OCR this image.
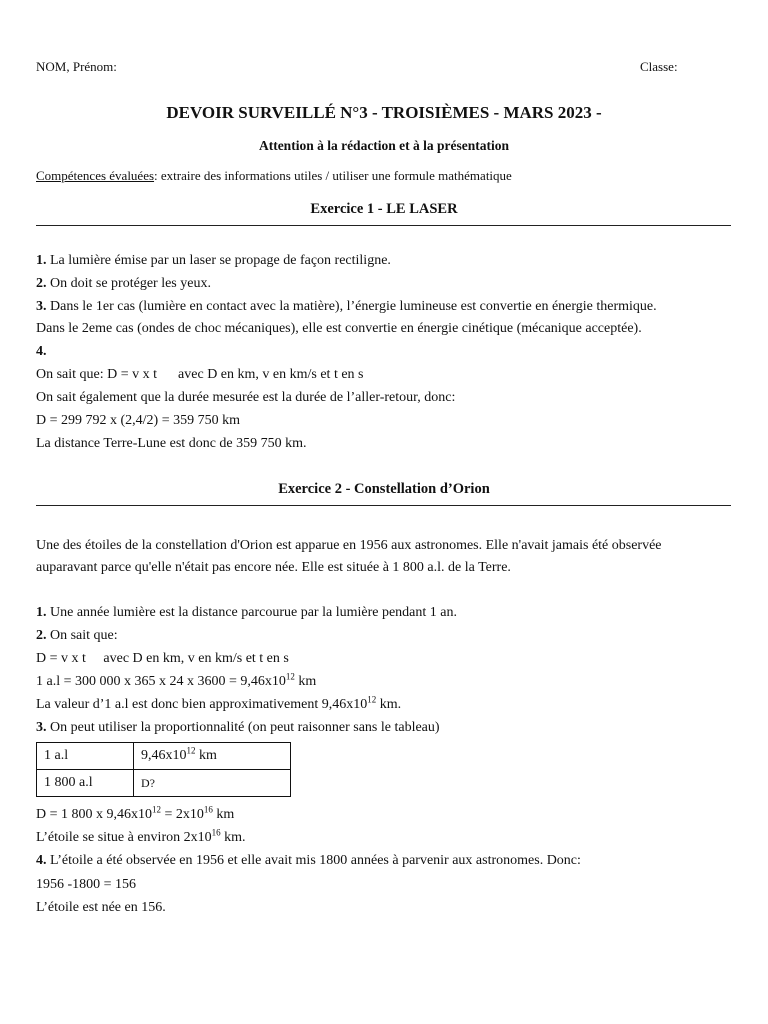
NOM, Prénom:	Classe:
DEVOIR SURVEILLÉ N°3 - TROISIÈMES - MARS 2023 -
Attention à la rédaction et à la présentation
Compétences évaluées: extraire des informations utiles / utiliser une formule mathématique
Exercice 1 - LE LASER
1. La lumière émise par un laser se propage de façon rectiligne.
2. On doit se protéger les yeux.
3. Dans le 1er cas (lumière en contact avec la matière), l’énergie lumineuse est convertie en énergie thermique.
Dans le 2eme cas (ondes de choc mécaniques), elle est convertie en énergie cinétique (mécanique acceptée).
4.
On sait que: D = v x t      avec D en km, v en km/s et t en s
On sait également que la durée mesurée est la durée de l’aller-retour, donc:
D = 299 792 x (2,4/2) = 359 750 km
La distance Terre-Lune est donc de 359 750 km.
Exercice 2 - Constellation d’Orion
Une des étoiles de la constellation d'Orion est apparue en 1956 aux astronomes. Elle n'avait jamais été observée
auparavant parce qu'elle n'était pas encore née. Elle est située à 1 800 a.l. de la Terre.
1. Une année lumière est la distance parcourue par la lumière pendant 1 an.
2. On sait que:
D = v x t     avec D en km, v en km/s et t en s
1 a.l = 300 000 x 365 x 24 x $3600 = 9,46x10^{12}$ km
La valeur d’1 a.l est donc bien approximativement $9,46x10^{12}$ km.
3. On peut utiliser la proportionnalité (on peut raisonner sans le tableau)
1 a.l	$9,46x10^{12}$ km
1 800 a.l	D?
D = 1 800 x $9,46x10^{12} = 2x10^{16}$ km
L’étoile se situe à environ $2x10^{16}$ km.
4. L’étoile a été observée en 1956 et elle avait mis 1800 années à parvenir aux astronomes. Donc:
1956 -1800 = 156
L’étoile est née en 156.
